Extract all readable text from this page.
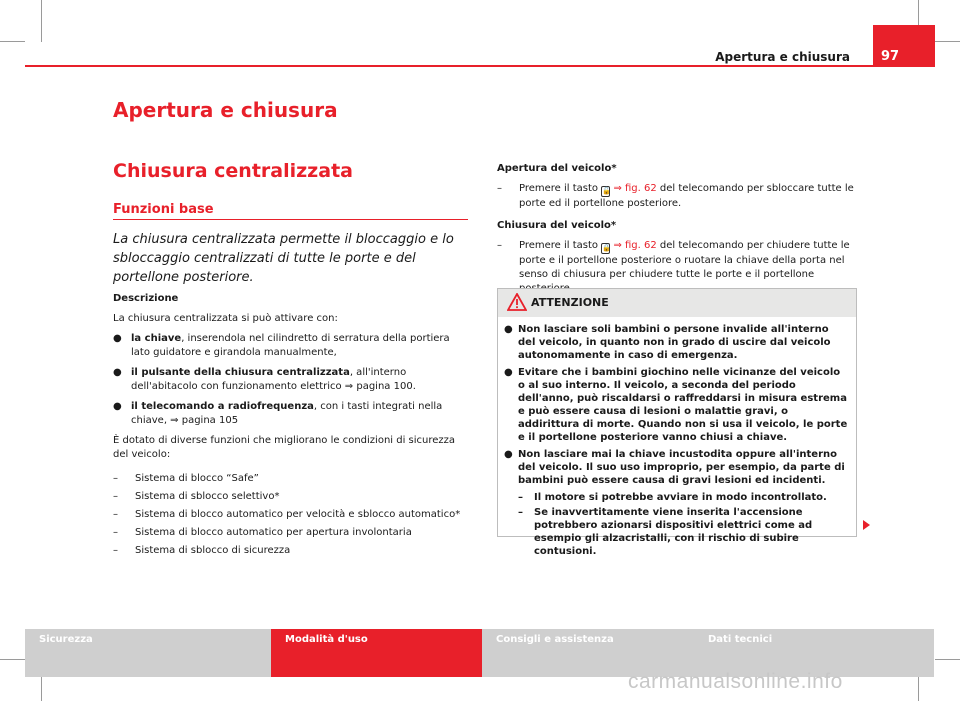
Apertura e chiusura	97
Apertura e chiusura
Chiusura centralizzata
Funzioni base
La chiusura centralizzata permette il bloccaggio e lo sbloccaggio centralizzati di tutte le porte e del portellone posteriore.
Descrizione
La chiusura centralizzata si può attivare con:
● la chiave, inserendola nel cilindretto di serratura della portiera lato guidatore e girandola manualmente,
● il pulsante della chiusura centralizzata, all'interno dell'abitacolo con funzionamento elettrico ⇒ pagina 100.
● il telecomando a radiofrequenza, con i tasti integrati nella chiave, ⇒ pagina 105
È dotato di diverse funzioni che migliorano le condizioni di sicurezza del veicolo:
–	Sistema di blocco “Safe”
–	Sistema di sblocco selettivo*
–	Sistema di blocco automatico per velocità e sblocco automatico*
–	Sistema di blocco automatico per apertura involontaria
–	Sistema di sblocco di sicurezza
Apertura del veicolo*
–	Premere il tasto 🔓 ⇒ fig. 62 del telecomando per sbloccare tutte le porte ed il portellone posteriore.
Chiusura del veicolo*
–	Premere il tasto 🔒 ⇒ fig. 62 del telecomando per chiudere tutte le porte e il portellone posteriore o ruotare la chiave della porta nel senso di chiusura per chiudere tutte le porte e il portellone
ATTENZIONE
● Non lasciare soli bambini o persone invalide all'interno del veicolo, in quanto non in grado di uscire dal veicolo autonomamente in caso di emergenza.
● Evitare che i bambini giochino nelle vicinanze del veicolo o al suo interno. Il veicolo, a seconda del periodo dell'anno, può riscaldarsi o raffreddarsi in misura estrema e può essere causa di lesioni o malattie gravi, o addirittura di morte. Quando non si usa il veicolo, le porte e il portellone posteriore vanno chiusi a chiave.
● Non lasciare mai la chiave incustodita oppure all'interno del veicolo. Il suo uso improprio, per esempio, da parte di bambini può essere causa di gravi lesioni ed incidenti.
–	Il motore si potrebbe avviare in modo incontrollato.
–	Se inavvertitamente viene inserita l'accensione potrebbero azionarsi dispositivi elettrici come ad esempio gli alzacristalli, con il rischio di subire contusioni.
Sicurezza	Modalità d'uso	Consigli e assistenza	Dati tecnici
carmanualsonline.info
